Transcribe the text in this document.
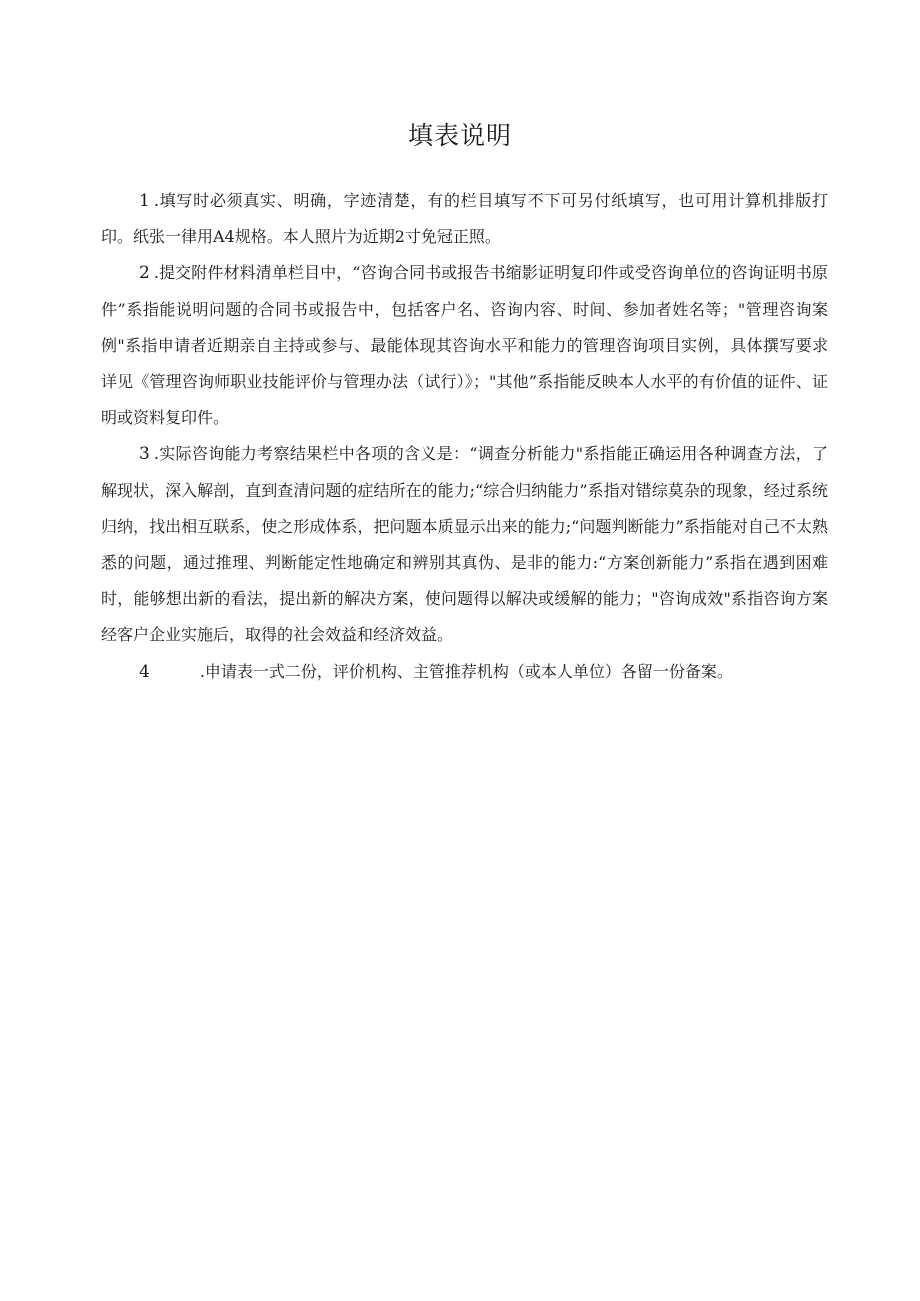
填表说明

1 .填写时必须真实、明确，字迹清楚，有的栏目填写不下可另付纸填写，也可用计算机排版打印。纸张一律用A4规格。本人照片为近期2寸免冠正照。

2 .提交附件材料清单栏目中，“咨询合同书或报告书缩影证明复印件或受咨询单位的咨询证明书原件”系指能说明问题的合同书或报告中，包括客户名、咨询内容、时间、参加者姓名等；"管理咨询案例"系指申请者近期亲自主持或参与、最能体现其咨询水平和能力的管理咨询项目实例，具体撰写要求详见《管理咨询师职业技能评价与管理办法（试行）》；"其他”系指能反映本人水平的有价值的证件、证明或资料复印件。

3 .实际咨询能力考察结果栏中各项的含义是：“调查分析能力"系指能正确运用各种调查方法，了解现状，深入解剖，直到查清问题的症结所在的能力;“综合归纳能力”系指对错综莫杂的现象，经过系统归纳，找出相互联系，使之形成体系，把问题本质显示出来的能力;“问题判断能力”系指能对自己不太熟悉的问题，通过推理、判断能定性地确定和辨别其真伪、是非的能力:“方案创新能力”系指在遇到困难时，能够想出新的看法，提出新的解决方案，使问题得以解决或缓解的能力；"咨询成效"系指咨询方案经客户企业实施后，取得的社会效益和经济效益。

4	.申请表一式二份，评价机构、主管推荐机构（或本人单位）各留一份备案。
